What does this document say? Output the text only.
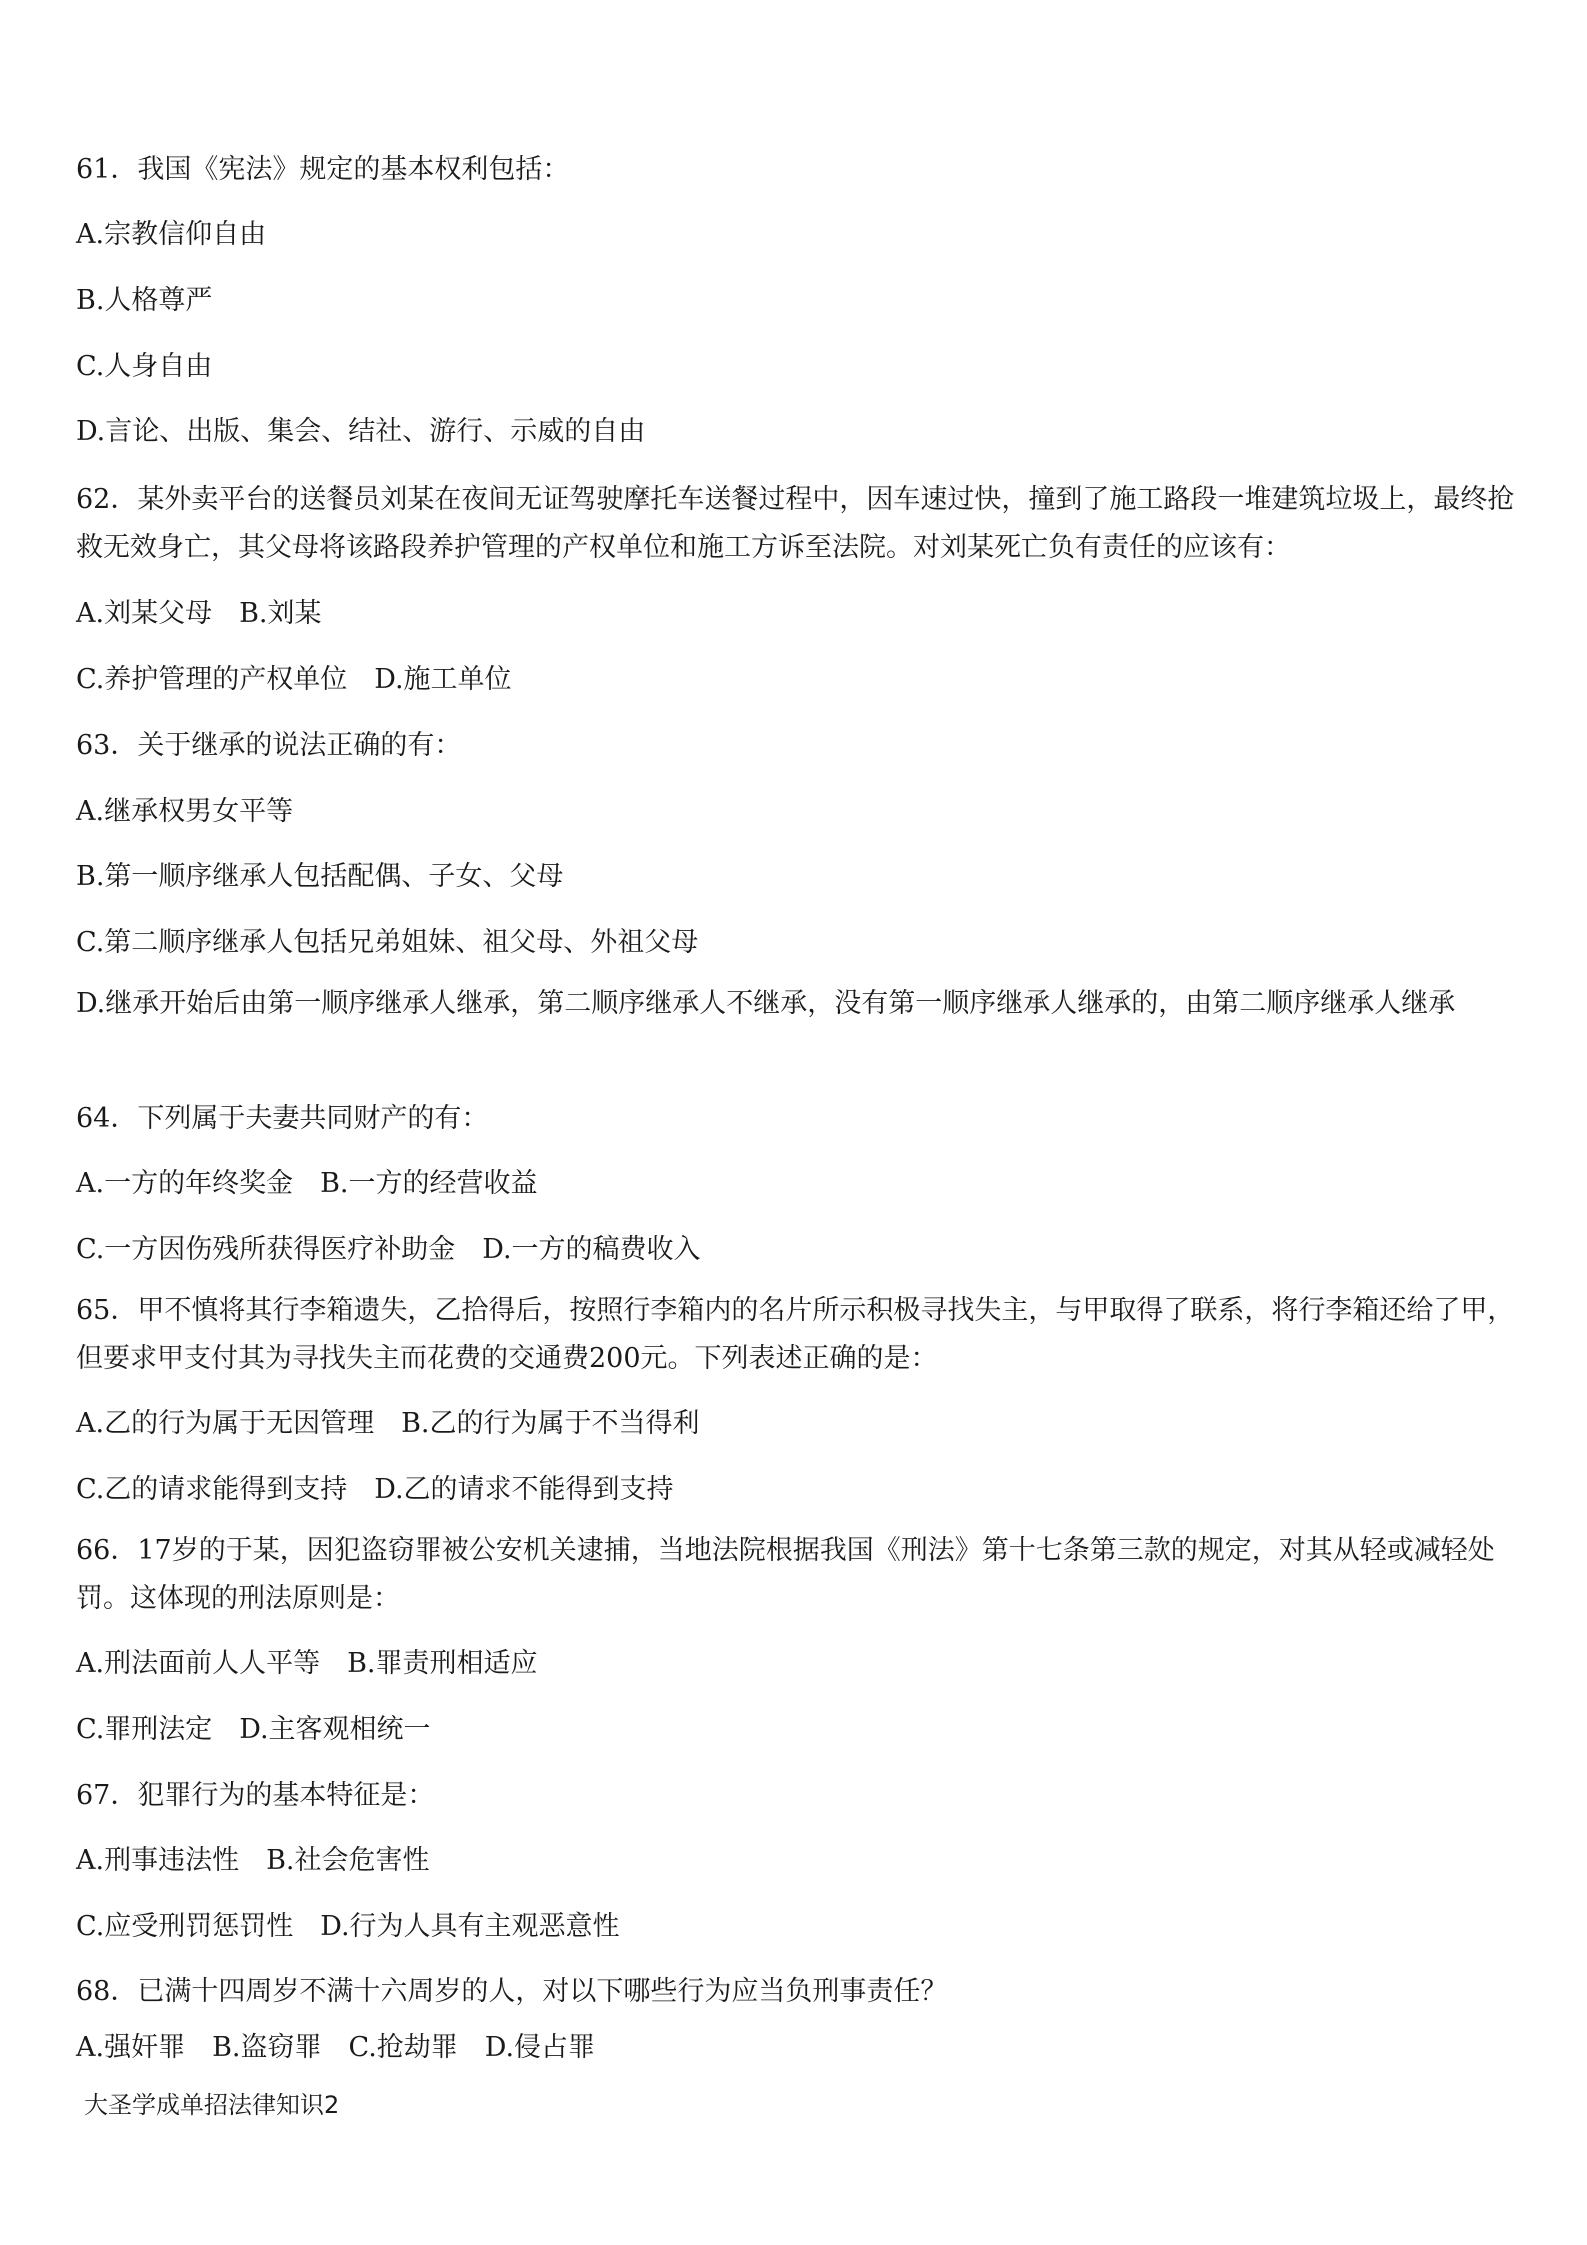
61．我国《宪法》规定的基本权利包括：
A.宗教信仰自由
B.人格尊严
C.人身自由
D.言论、出版、集会、结社、游行、示威的自由
62．某外卖平台的送餐员刘某在夜间无证驾驶摩托车送餐过程中，因车速过快，撞到了施工路段一堆建筑垃圾上，最终抢救无效身亡，其父母将该路段养护管理的产权单位和施工方诉至法院。对刘某死亡负有责任的应该有：
A.刘某父母　B.刘某
C.养护管理的产权单位　D.施工单位
63．关于继承的说法正确的有：
A.继承权男女平等
B.第一顺序继承人包括配偶、子女、父母
C.第二顺序继承人包括兄弟姐妹、祖父母、外祖父母
D.继承开始后由第一顺序继承人继承，第二顺序继承人不继承，没有第一顺序继承人继承的，由第二顺序继承人继承
64．下列属于夫妻共同财产的有：
A.一方的年终奖金　B.一方的经营收益
C.一方因伤残所获得医疗补助金　D.一方的稿费收入
65．甲不慎将其行李箱遗失，乙拾得后，按照行李箱内的名片所示积极寻找失主，与甲取得了联系，将行李箱还给了甲，但要求甲支付其为寻找失主而花费的交通费200元。下列表述正确的是：
A.乙的行为属于无因管理　B.乙的行为属于不当得利
C.乙的请求能得到支持　D.乙的请求不能得到支持
66．17岁的于某，因犯盗窃罪被公安机关逮捕，当地法院根据我国《刑法》第十七条第三款的规定，对其从轻或减轻处罚。这体现的刑法原则是：
A.刑法面前人人平等　B.罪责刑相适应
C.罪刑法定　D.主客观相统一
67．犯罪行为的基本特征是：
A.刑事违法性　B.社会危害性
C.应受刑罚惩罚性　D.行为人具有主观恶意性
68．已满十四周岁不满十六周岁的人，对以下哪些行为应当负刑事责任？
A.强奸罪　B.盗窃罪　C.抢劫罪　D.侵占罪
大圣学成单招法律知识2
